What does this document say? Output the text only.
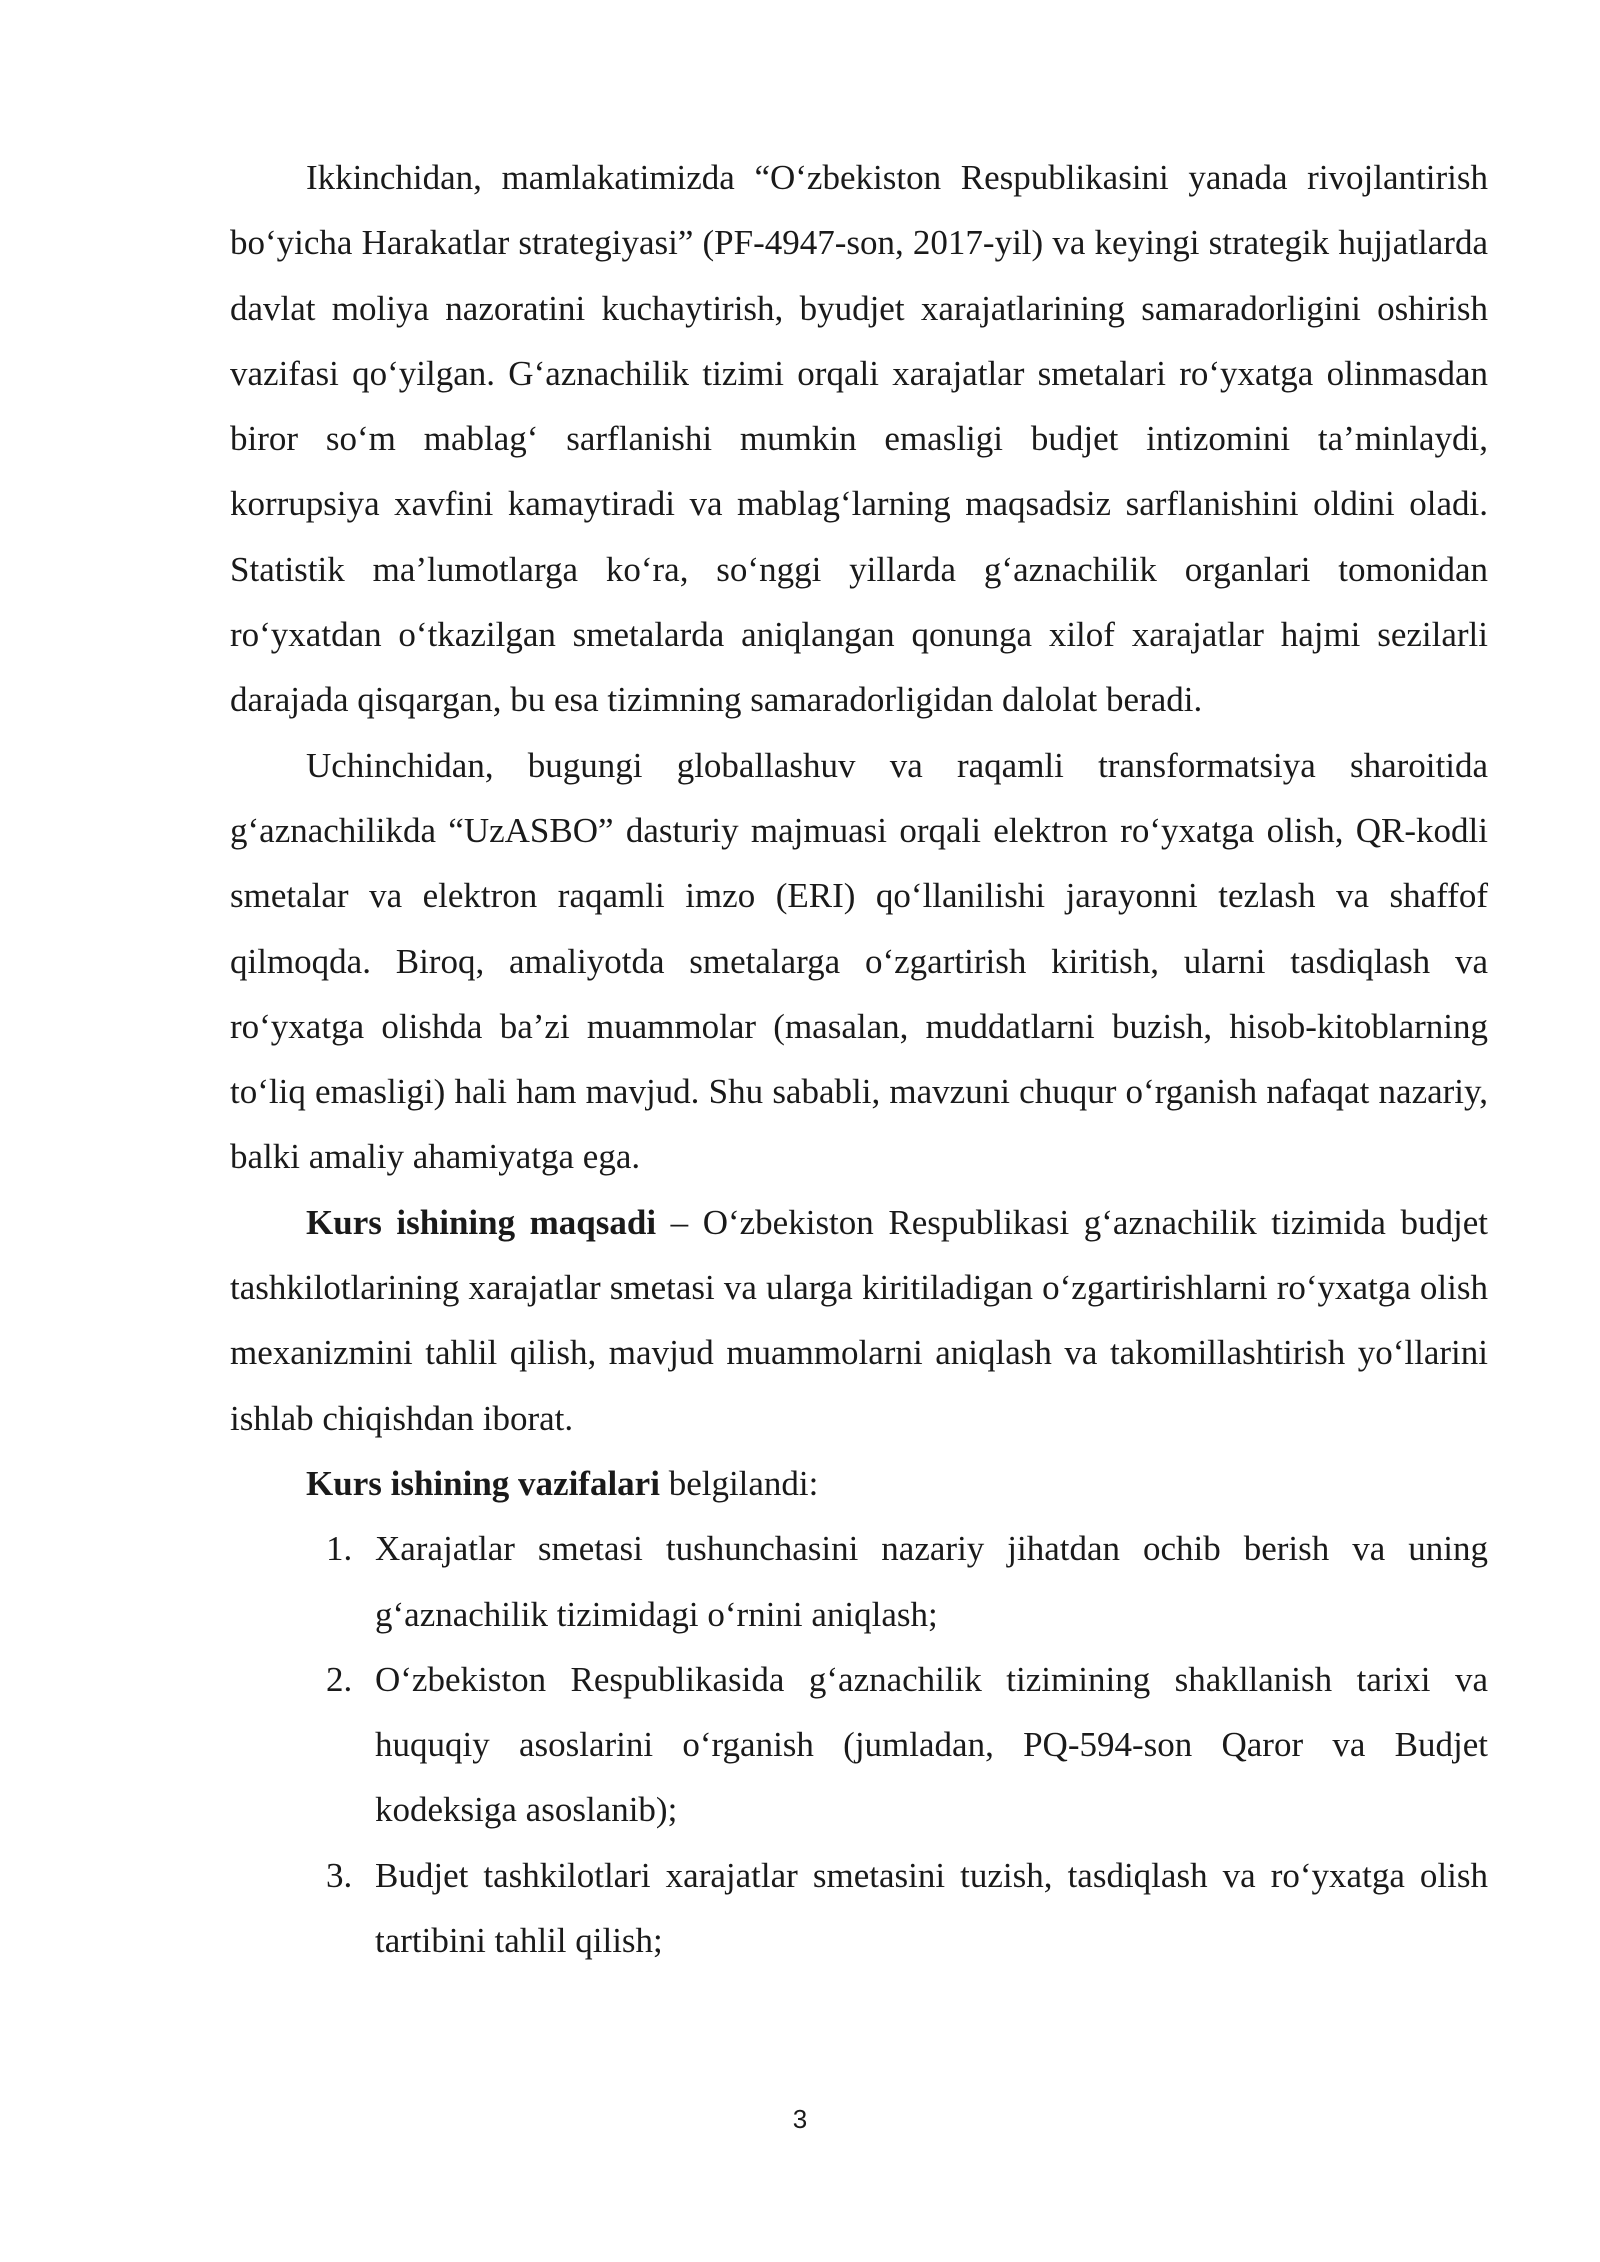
Ikkinchidan, mamlakatimizda “O‘zbekiston Respublikasini yanada rivojlantirish bo‘yicha Harakatlar strategiyasi” (PF-4947-son, 2017-yil) va keyingi strategik hujjatlarda davlat moliya nazoratini kuchaytirish, byudjet xarajatlarining samaradorligini oshirish vazifasi qo‘yilgan. G‘aznachilik tizimi orqali xarajatlar smetalari ro‘yxatga olinmasdan biror so‘m mablag‘ sarflanishi mumkin emasligi budjet intizomini ta’minlaydi, korrupsiya xavfini kamaytiradi va mablag‘larning maqsadsiz sarflanishini oldini oladi. Statistik ma’lumotlarga ko‘ra, so‘nggi yillarda g‘aznachilik organlari tomonidan ro‘yxatdan o‘tkazilgan smetalarda aniqlangan qonunga xilof xarajatlar hajmi sezilarli darajada qisqargan, bu esa tizimning samaradorligidan dalolat beradi.

Uchinchidan, bugungi globallashuv va raqamli transformatsiya sharoitida g‘aznachilikda “UzASBO” dasturiy majmuasi orqali elektron ro‘yxatga olish, QR-kodli smetalar va elektron raqamli imzo (ERI) qo‘llanilishi jarayonni tezlash va shaffof qilmoqda. Biroq, amaliyotda smetalarga o‘zgartirish kiritish, ularni tasdiqlash va ro‘yxatga olishda ba’zi muammolar (masalan, muddatlarni buzish, hisob-kitoblarning to‘liq emasligi) hali ham mavjud. Shu sababli, mavzuni chuqur o‘rganish nafaqat nazariy, balki amaliy ahamiyatga ega.

Kurs ishining maqsadi – O‘zbekiston Respublikasi g‘aznachilik tizimida budjet tashkilotlarining xarajatlar smetasi va ularga kiritiladigan o‘zgartirishlarni ro‘yxatga olish mexanizmini tahlil qilish, mavjud muammolarni aniqlash va takomillashtirish yo‘llarini ishlab chiqishdan iborat.

Kurs ishining vazifalari belgilandi:

1. Xarajatlar smetasi tushunchasini nazariy jihatdan ochib berish va uning g‘aznachilik tizimidagi o‘rnini aniqlash;
2. O‘zbekiston Respublikasida g‘aznachilik tizimining shakllanish tarixi va huquqiy asoslarini o‘rganish (jumladan, PQ-594-son Qaror va Budjet kodeksiga asoslanib);
3. Budjet tashkilotlari xarajatlar smetasini tuzish, tasdiqlash va ro‘yxatga olish tartibini tahlil qilish;
3
